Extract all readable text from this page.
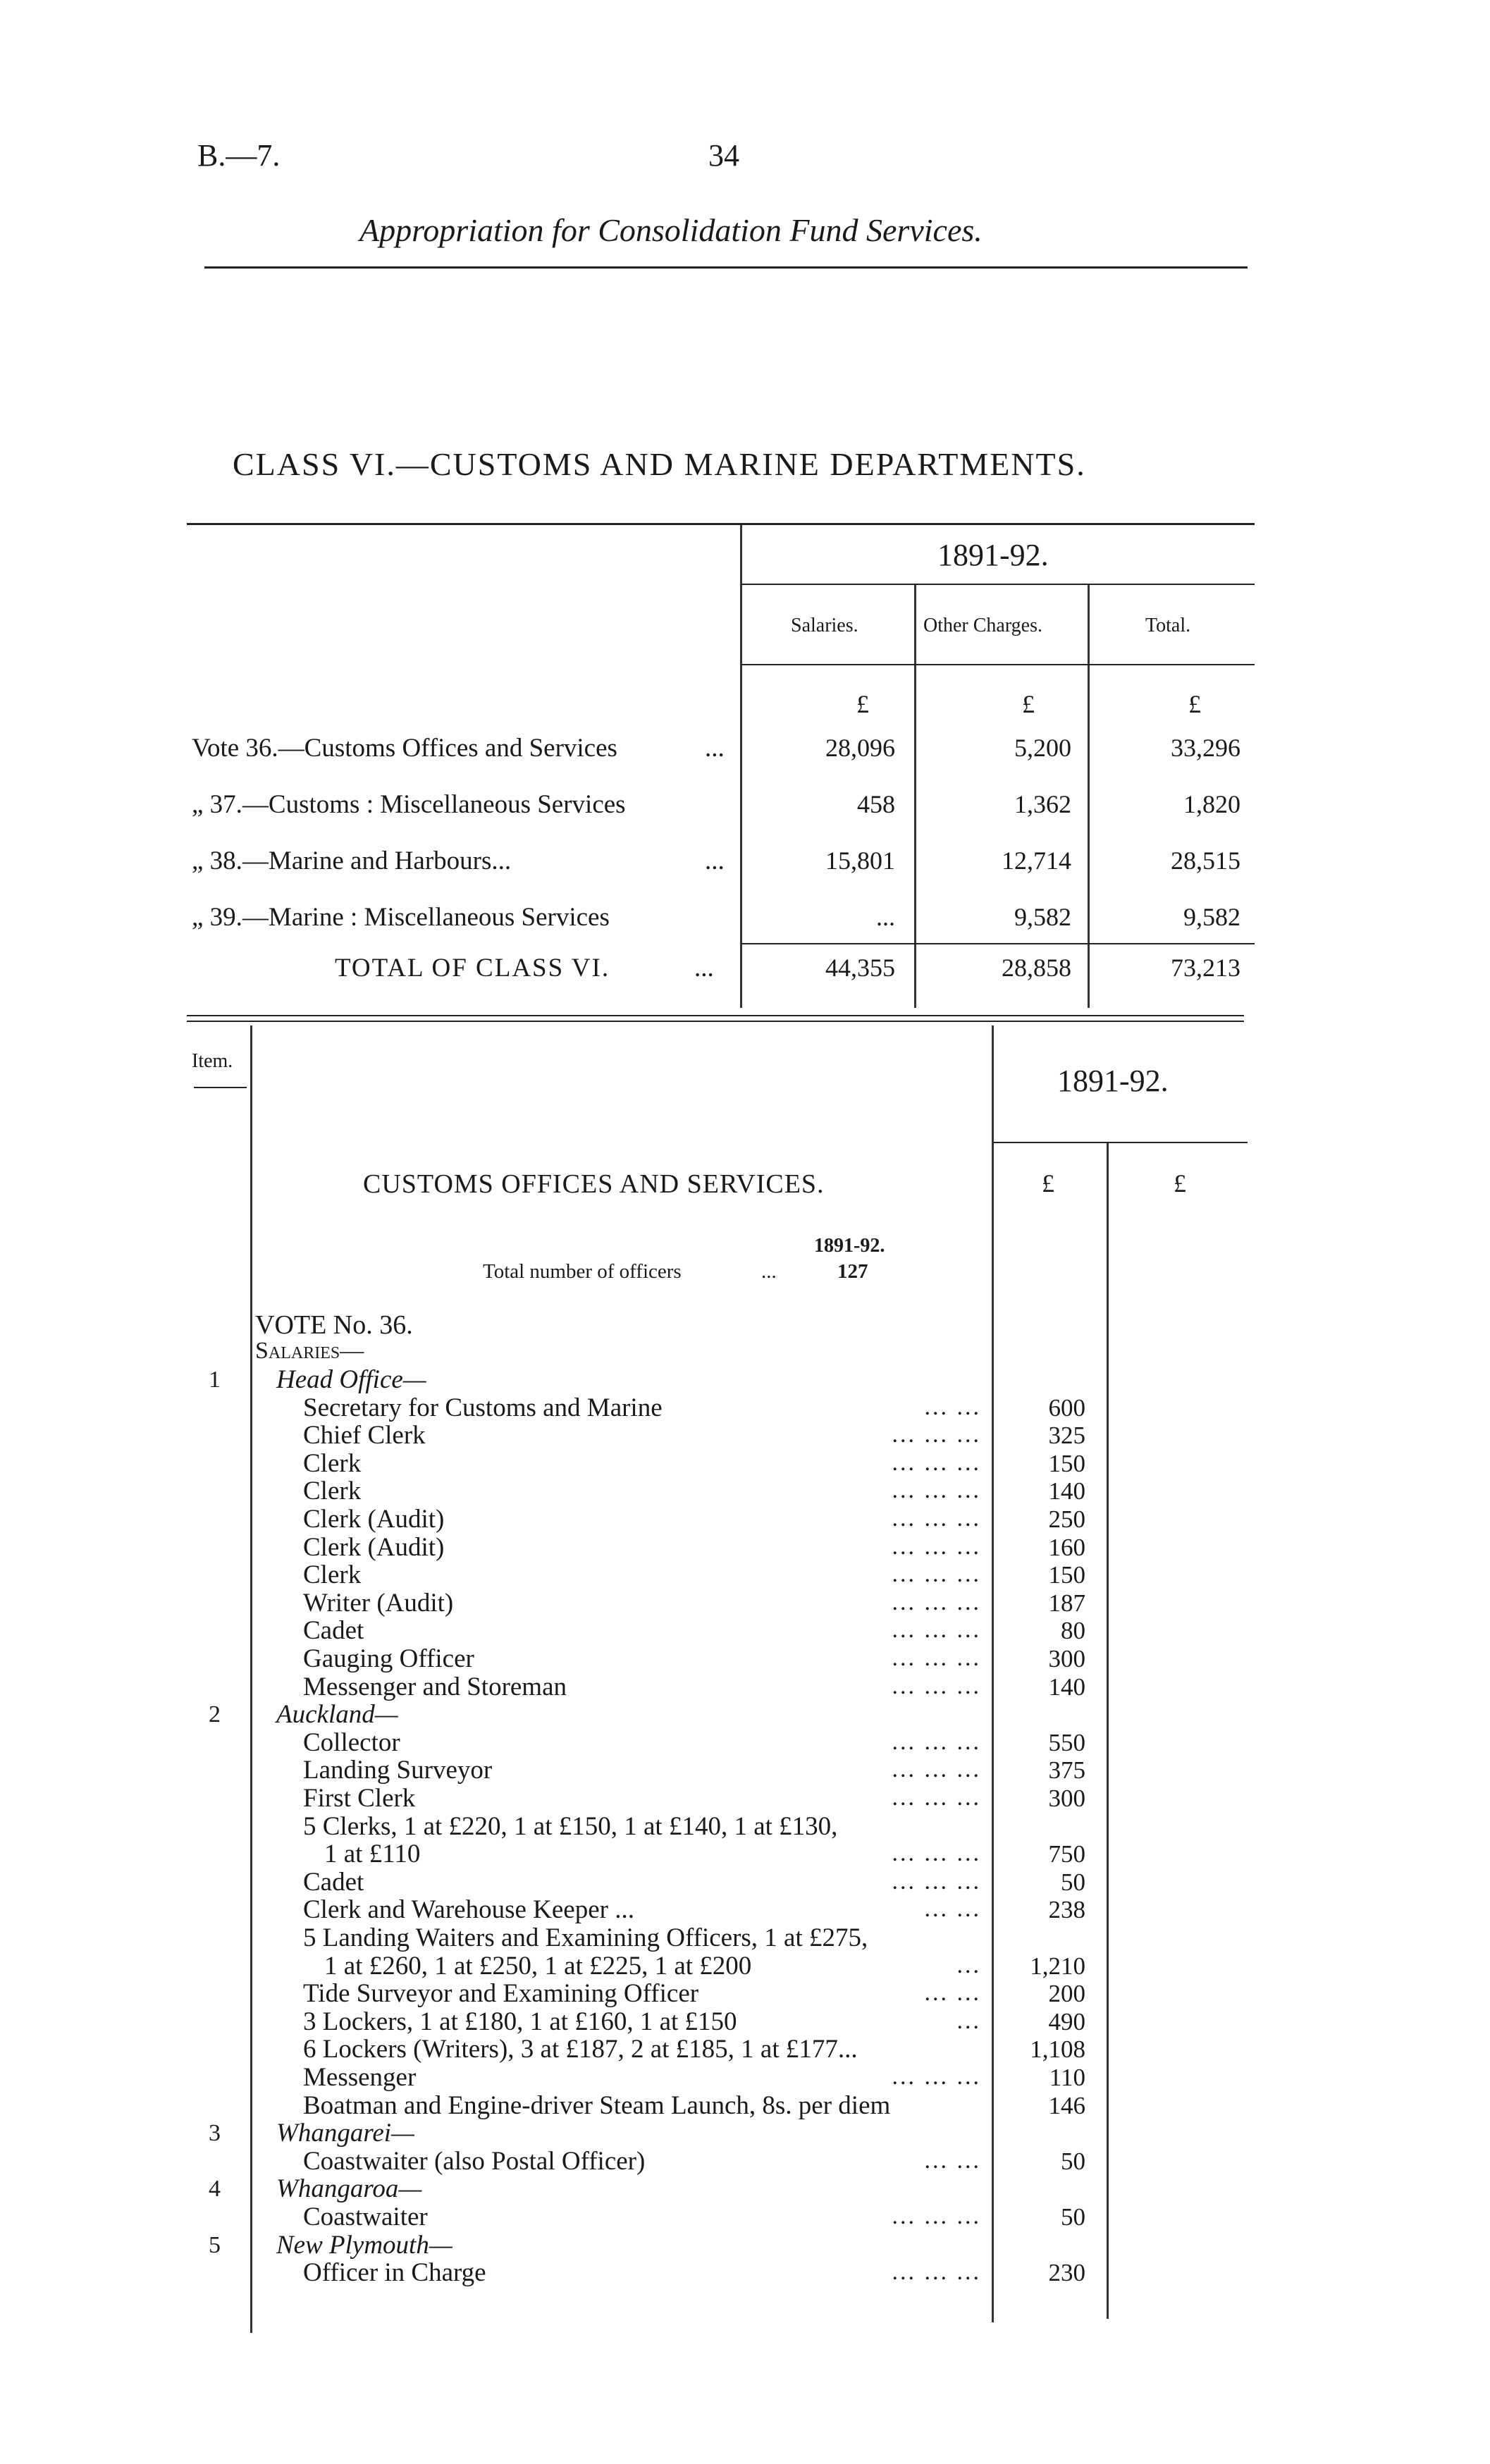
B.—7.	34
Appropriation for Consolidation Fund Services.
CLASS VI.—CUSTOMS AND MARINE DEPARTMENTS.
1891-92.
Salaries.	Other Charges.	Total.
£	£	£
Vote 36.—Customs Offices and Services	...	28,096	5,200	33,296
„ 37.—Customs : Miscellaneous Services	458	1,362	1,820
„ 38.—Marine and Harbours...	...	15,801	12,714	28,515
„ 39.—Marine : Miscellaneous Services	...	9,582	9,582
TOTAL OF CLASS VI.	...	44,355	28,858	73,213
Item.
1891-92.
£	£
CUSTOMS OFFICES AND SERVICES.
1891-92.
Total number of officers	...	127
VOTE No. 36.
Salaries—
1 Head Office—
Secretary for Customs and Marine	... ...	600
Chief Clerk	... ... ...	325
Clerk	... ... ...	150
Clerk	... ... ...	140
Clerk (Audit)	... ... ...	250
Clerk (Audit)	... ... ...	160
Clerk	... ... ...	150
Writer (Audit)	... ... ...	187
Cadet	... ... ...	80
Gauging Officer	... ... ...	300
Messenger and Storeman	... ... ...	140
2 Auckland—
Collector	... ... ...	550
Landing Surveyor	... ... ...	375
First Clerk	... ... ...	300
5 Clerks, 1 at £220, 1 at £150, 1 at £140, 1 at £130,
1 at £110	... ... ...	750
Cadet	... ... ...	50
Clerk and Warehouse Keeper ...	... ...	238
5 Landing Waiters and Examining Officers, 1 at £275,
1 at £260, 1 at £250, 1 at £225, 1 at £200	...	1,210
Tide Surveyor and Examining Officer	... ...	200
3 Lockers, 1 at £180, 1 at £160, 1 at £150	...	490
6 Lockers (Writers), 3 at £187, 2 at £185, 1 at £177...	1,108
Messenger	... ... ...	110
Boatman and Engine-driver Steam Launch, 8s. per diem	146
3 Whangarei—
Coastwaiter (also Postal Officer)	... ...	50
4 Whangaroa—
Coastwaiter	... ... ...	50
5 New Plymouth—
Officer in Charge	... ... ...	230
